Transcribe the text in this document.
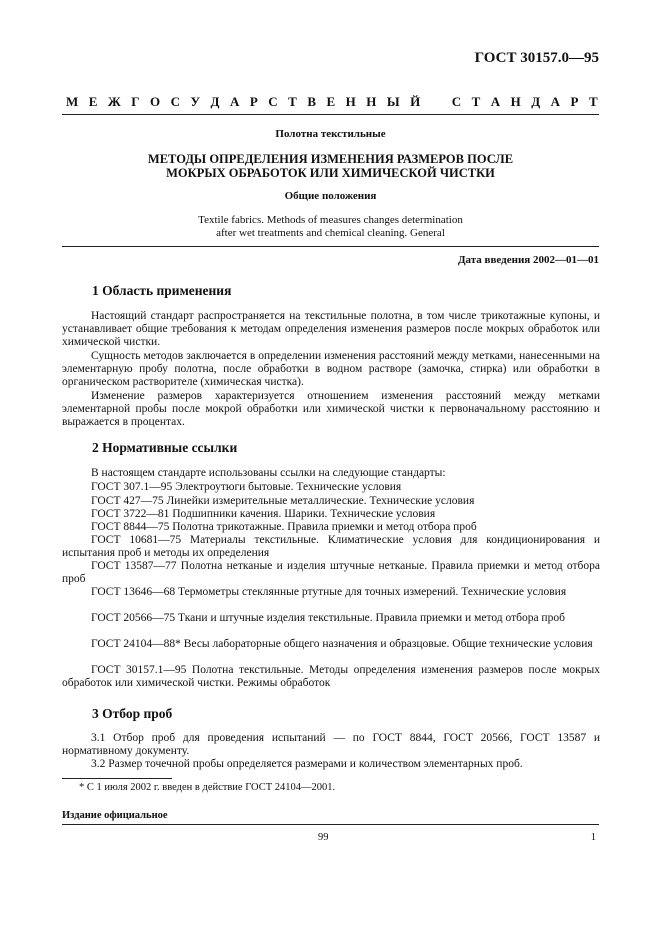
ГОСТ 30157.0—95
М Е Ж Г О С У Д А Р С Т В Е Н Н Ы Й С Т А Н Д А Р Т
Полотна текстильные
МЕТОДЫ ОПРЕДЕЛЕНИЯ ИЗМЕНЕНИЯ РАЗМЕРОВ ПОСЛЕ МОКРЫХ ОБРАБОТОК ИЛИ ХИМИЧЕСКОЙ ЧИСТКИ
Общие положения
Textile fabrics. Methods of measures changes determination
after wet treatments and chemical cleaning. General
Дата введения 2002—01—01
1 Область применения
Настоящий стандарт распространяется на текстильные полотна, в том числе трикотажные купоны, и устанавливает общие требования к методам определения изменения размеров после мокрых обработок или химической чистки.
Сущность методов заключается в определении изменения расстояний между метками, нанесенными на элементарную пробу полотна, после обработки в водном растворе (замочка, стирка) или обработки в органическом растворителе (химическая чистка).
Изменение размеров характеризуется отношением изменения расстояний между метками элементарной пробы после мокрой обработки или химической чистки к первоначальному расстоянию и выражается в процентах.
2 Нормативные ссылки
В настоящем стандарте использованы ссылки на следующие стандарты:
ГОСТ 307.1—95 Электроутюги бытовые. Технические условия
ГОСТ 427—75 Линейки измерительные металлические. Технические условия
ГОСТ 3722—81 Подшипники качения. Шарики. Технические условия
ГОСТ 8844—75 Полотна трикотажные. Правила приемки и метод отбора проб
ГОСТ 10681—75 Материалы текстильные. Климатические условия для кондиционирования и испытания проб и методы их определения
ГОСТ 13587—77 Полотна нетканые и изделия штучные нетканые. Правила приемки и метод отбора проб
ГОСТ 13646—68 Термометры стеклянные ртутные для точных измерений. Технические условия
ГОСТ 20566—75 Ткани и штучные изделия текстильные. Правила приемки и метод отбора проб
ГОСТ 24104—88* Весы лабораторные общего назначения и образцовые. Общие технические условия
ГОСТ 30157.1—95 Полотна текстильные. Методы определения изменения размеров после мокрых обработок или химической чистки. Режимы обработок
3 Отбор проб
3.1 Отбор проб для проведения испытаний — по ГОСТ 8844, ГОСТ 20566, ГОСТ 13587 и нормативному документу.
3.2 Размер точечной пробы определяется размерами и количеством элементарных проб.
* С 1 июля 2002 г. введен в действие ГОСТ 24104—2001.
Издание официальное
99	1
